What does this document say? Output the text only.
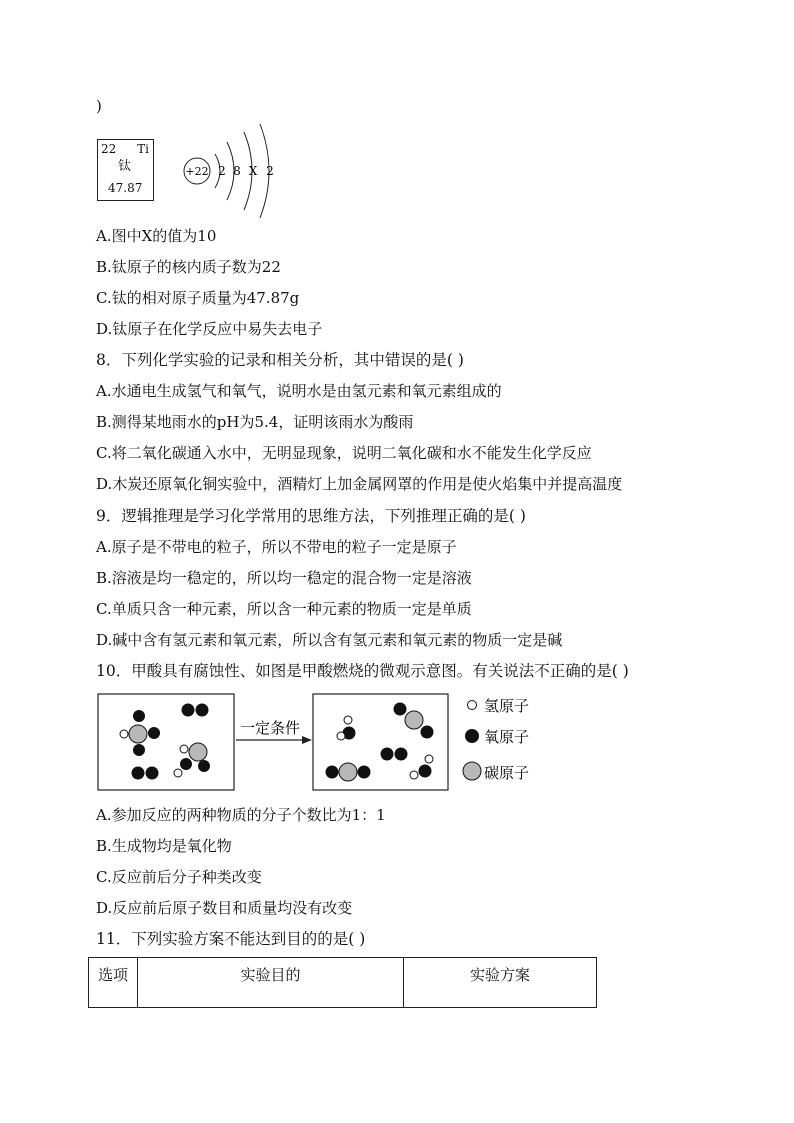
)
22 Ti
钛
47.87
+22 2 8 X 2
A.图中X的值为10
B.钛原子的核内质子数为22
C.钛的相对原子质量为47.87g
D.钛原子在化学反应中易失去电子
8．下列化学实验的记录和相关分析，其中错误的是( )
A.水通电生成氢气和氧气，说明水是由氢元素和氧元素组成的
B.测得某地雨水的pH为5.4，证明该雨水为酸雨
C.将二氧化碳通入水中，无明显现象，说明二氧化碳和水不能发生化学反应
D.木炭还原氧化铜实验中，酒精灯上加金属网罩的作用是使火焰集中并提高温度
9．逻辑推理是学习化学常用的思维方法，下列推理正确的是( )
A.原子是不带电的粒子，所以不带电的粒子一定是原子
B.溶液是均一稳定的，所以均一稳定的混合物一定是溶液
C.单质只含一种元素，所以含一种元素的物质一定是单质
D.碱中含有氢元素和氧元素，所以含有氢元素和氧元素的物质一定是碱
10．甲酸具有腐蚀性、如图是甲酸燃烧的微观示意图。有关说法不正确的是( )
一定条件
氢原子
氧原子
碳原子
A.参加反应的两种物质的分子个数比为1：1
B.生成物均是氧化物
C.反应前后分子种类改变
D.反应前后原子数目和质量均没有改变
11．下列实验方案不能达到目的的是( )
选项	实验目的	实验方案
